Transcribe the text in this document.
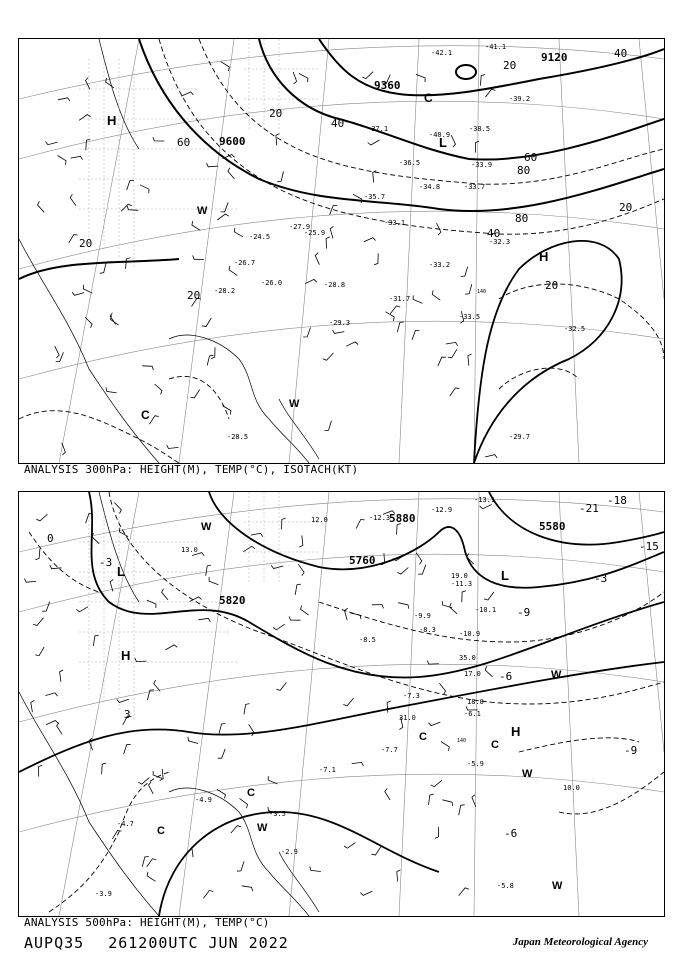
H
H
L
C
C
W
W
9600
9360
9120
20
40
60
80
20
40
60
80
20
20
20
40
20
-42.1
-41.1
-40.9
-39.2
-38.5
-37.1
-36.5
-35.7
-34.8
-33.9
-33.7
-33.2
-33.1
-32.3
-31.7
-29.7
-29.3
-28.8
-28.5
-28.2
-27.9
-26.7
-26.0
-25.9
-24.5
-33.5
-32.5
140
ANALYSIS 300hPa: HEIGHT(M), TEMP(°C), ISOTACH(KT)
L
H
H
L
C
C
C
C
W
W
W
W
W
5820
5880
5760
5580
0
-3
3
-9
-6
-18
-21
-15
-3
-6
-9
-13.1
-12.9
-12.3
-11.3
-10.9
-10.1
-9.9
-8.5
-8.3
-7.7
-7.3
-7.1
-6.1
-5.9
-5.8
-4.9
-4.7
-3.9
-3.5
-2.9
12.0
13.0
19.0
17.0
18.0
31.0
35.0
10.0
140
ANALYSIS 500hPa: HEIGHT(M), TEMP(°C)
AUPQ35 261200UTC JUN 2022	Japan Meteorological Agency
